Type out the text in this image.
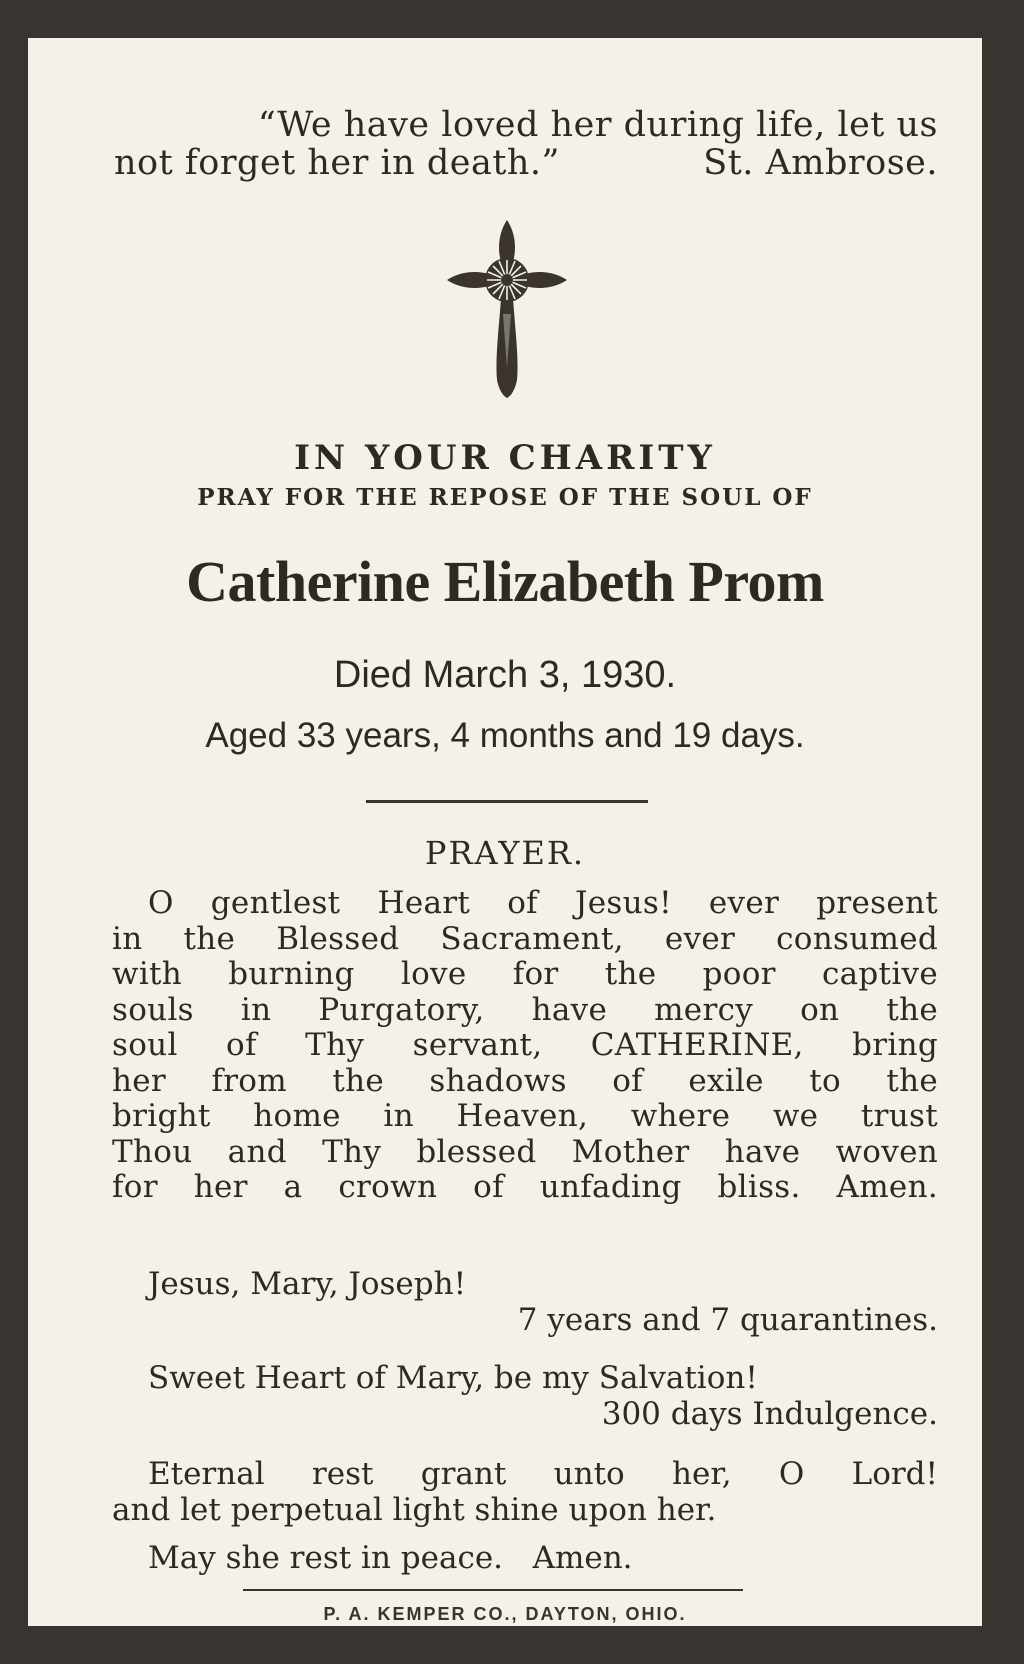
“We have loved her during life, let us
not forget her in death.”	St. Ambrose.
IN YOUR CHARITY
PRAY FOR THE REPOSE OF THE SOUL OF
Catherine Elizabeth Prom
Died March 3, 1930.
Aged 33 years, 4 months and 19 days.
PRAYER.
O gentlest Heart of Jesus! ever present
in the Blessed Sacrament, ever consumed
with burning love for the poor captive
souls in Purgatory, have mercy on the
soul of Thy servant, CATHERINE, bring
her from the shadows of exile to the
bright home in Heaven, where we trust
Thou and Thy blessed Mother have woven
for her a crown of unfading bliss. Amen.
Jesus, Mary, Joseph!
7 years and 7 quarantines.
Sweet Heart of Mary, be my Salvation!
300 days Indulgence.
Eternal rest grant unto her, O Lord!
and let perpetual light shine upon her.
May she rest in peace.   Amen.
P. A. KEMPER CO., DAYTON, OHIO.
